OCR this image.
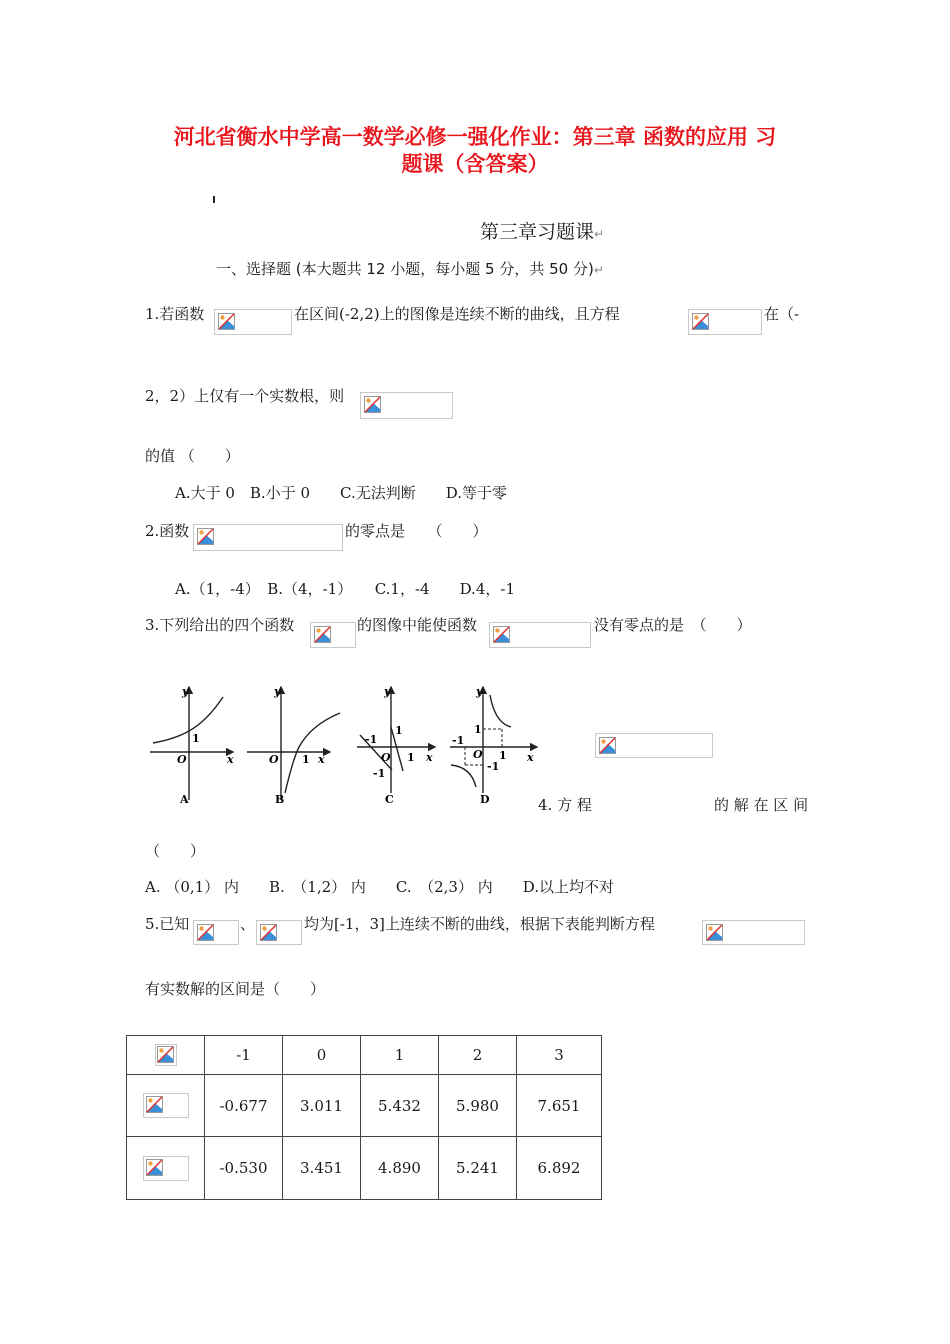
河北省衡水中学高一数学必修一强化作业：第三章 函数的应用 习
题课（含答案）
第三章习题课↵
一、选择题 (本大题共 12 小题，每小题 5 分，共 50 分)↵
1.若函数	在区间(-2,2)上的图像是连续不断的曲线，且方程	在（-
2，2）上仅有一个实数根，则
的值 （　　）
A.大于 0　B.小于 0　　C.无法判断　　D.等于零
2.函数	的零点是　　（　　）
A.（1，-4）　B.（4，-1）　　C.1，-4　　D.4，-1
3.下列给出的四个函数	的图像中能使函数	没有零点的是　（　　）
y
x
O
1
A
y
x
O 1
B
y
x
O
1
-1
1
-1
C
y
x
O
1
-1
1
-1
D	4. 方 程	的 解 在 区 间
（　　）
A. （0,1） 内　　B.　（1,2） 内　　C.　（2,3） 内　　D.以上均不对
5.已知	、	均为[-1，3]上连续不断的曲线，根据下表能判断方程
有实数解的区间是（　　）
	-1	0	1	2	3

	-0.677	3.011	5.432	5.980	7.651

	-0.530	3.451	4.890	5.241	6.892
